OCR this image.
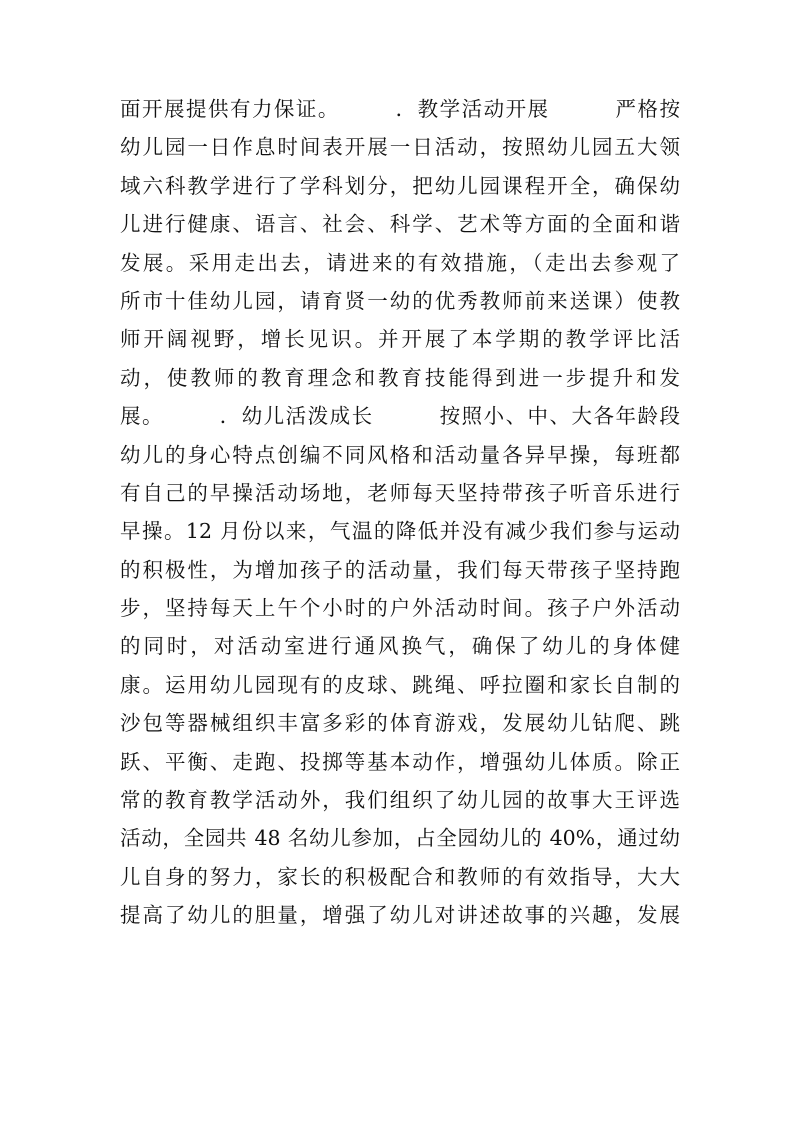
面开展提供有力保证。　　　．教学活动开展　　　严格按
幼儿园一日作息时间表开展一日活动，按照幼儿园五大领
域六科教学进行了学科划分，把幼儿园课程开全，确保幼
儿进行健康、语言、社会、科学、艺术等方面的全面和谐
发展。采用走出去，请进来的有效措施，（走出去参观了
所市十佳幼儿园，请育贤一幼的优秀教师前来送课）使教
师开阔视野，增长见识。并开展了本学期的教学评比活
动，使教师的教育理念和教育技能得到进一步提升和发
展。　　　．幼儿活泼成长　　　按照小、中、大各年龄段
幼儿的身心特点创编不同风格和活动量各异早操，每班都
有自己的早操活动场地，老师每天坚持带孩子听音乐进行
早操。12 月份以来，气温的降低并没有减少我们参与运动
的积极性，为增加孩子的活动量，我们每天带孩子坚持跑
步，坚持每天上午个小时的户外活动时间。孩子户外活动
的同时，对活动室进行通风换气，确保了幼儿的身体健
康。运用幼儿园现有的皮球、跳绳、呼拉圈和家长自制的
沙包等器械组织丰富多彩的体育游戏，发展幼儿钻爬、跳
跃、平衡、走跑、投掷等基本动作，增强幼儿体质。除正
常的教育教学活动外，我们组织了幼儿园的故事大王评选
活动，全园共 48 名幼儿参加，占全园幼儿的 40%，通过幼
儿自身的努力，家长的积极配合和教师的有效指导，大大
提高了幼儿的胆量，增强了幼儿对讲述故事的兴趣，发展
